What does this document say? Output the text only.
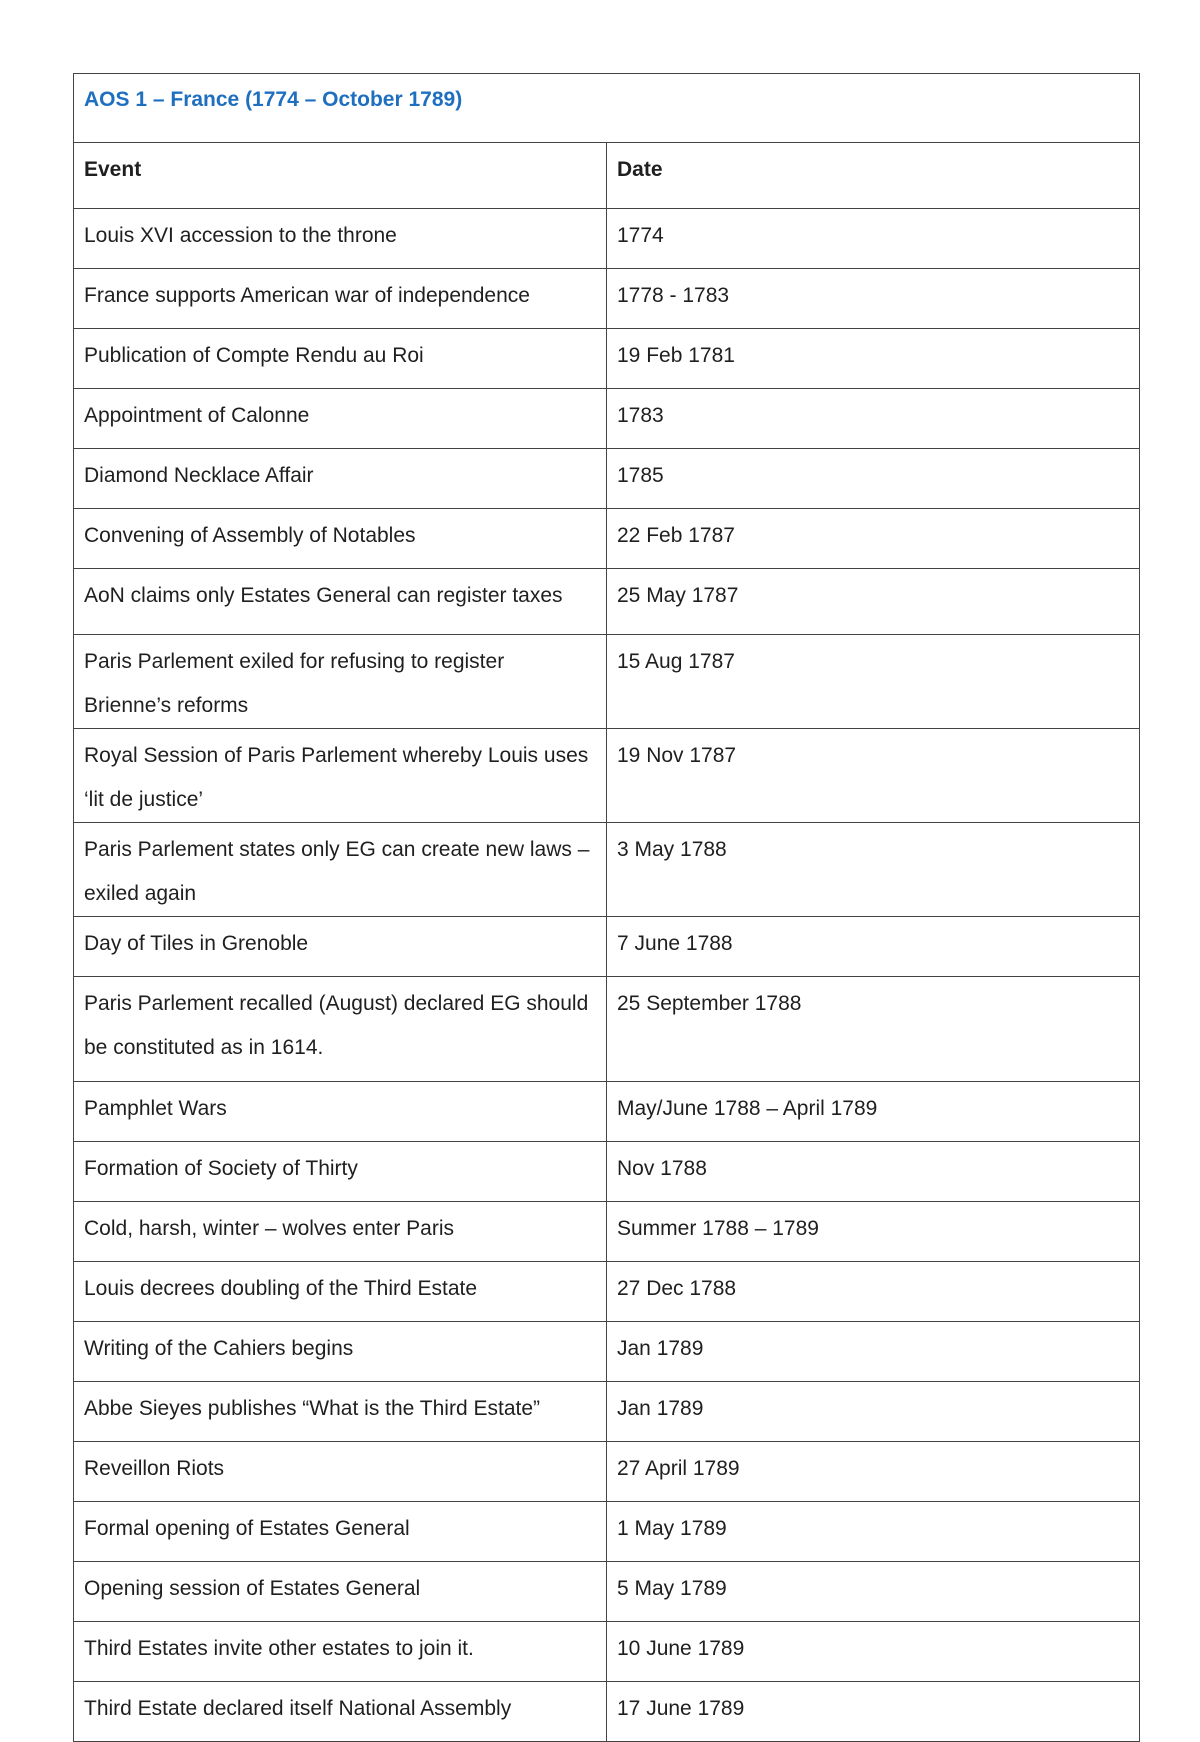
AOS 1 – France (1774 – October 1789)	
Event	Date
Louis XVI accession to the throne	1774
France supports American war of independence	1778 - 1783
Publication of Compte Rendu au Roi	19 Feb 1781
Appointment of Calonne	1783
Diamond Necklace Affair	1785
Convening of Assembly of Notables	22 Feb 1787
AoN claims only Estates General can register taxes	25 May 1787
Paris Parlement exiled for refusing to register Brienne’s reforms	15 Aug 1787
Royal Session of Paris Parlement whereby Louis uses ‘lit de justice’	19 Nov 1787
Paris Parlement states only EG can create new laws – exiled again	3 May 1788
Day of Tiles in Grenoble	7 June 1788
Paris Parlement recalled (August) declared EG should be constituted as in 1614.	25 September 1788
Pamphlet Wars	May/June 1788 – April 1789
Formation of Society of Thirty	Nov 1788
Cold, harsh, winter – wolves enter Paris	Summer 1788 – 1789
Louis decrees doubling of the Third Estate	27 Dec 1788
Writing of the Cahiers begins	Jan 1789
Abbe Sieyes publishes “What is the Third Estate”	Jan 1789
Reveillon Riots	27 April 1789
Formal opening of Estates General	1 May 1789
Opening session of Estates General	5 May 1789
Third Estates invite other estates to join it.	10 June 1789
Third Estate declared itself National Assembly	17 June 1789
